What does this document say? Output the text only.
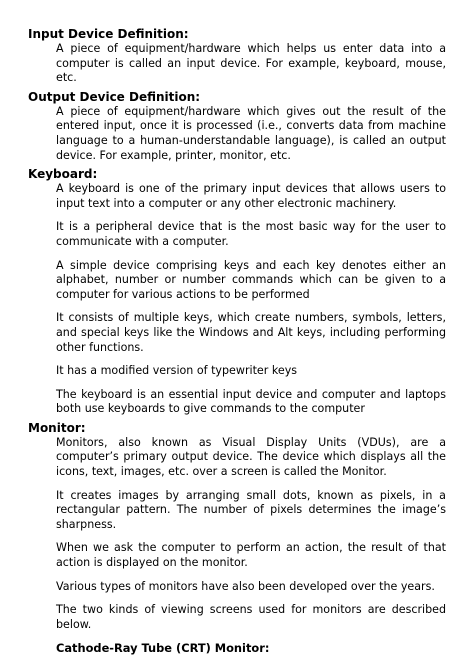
Input Device Definition:

A piece of equipment/hardware which helps us enter data into a computer is called an input device. For example, keyboard, mouse, etc.

Output Device Definition:

A piece of equipment/hardware which gives out the result of the entered input, once it is processed (i.e., converts data from machine language to a human-understandable language), is called an output device. For example, printer, monitor, etc.

Keyboard:

A keyboard is one of the primary input devices that allows users to input text into a computer or any other electronic machinery.

It is a peripheral device that is the most basic way for the user to communicate with a computer.

A simple device comprising keys and each key denotes either an alphabet, number or number commands which can be given to a computer for various actions to be performed

It consists of multiple keys, which create numbers, symbols, letters, and special keys like the Windows and Alt keys, including performing other functions.

It has a modified version of typewriter keys

The keyboard is an essential input device and computer and laptops both use keyboards to give commands to the computer

Monitor:

Monitors, also known as Visual Display Units (VDUs), are a computer’s primary output device. The device which displays all the icons, text, images, etc. over a screen is called the Monitor.

It creates images by arranging small dots, known as pixels, in a rectangular pattern. The number of pixels determines the image’s sharpness.

When we ask the computer to perform an action, the result of that action is displayed on the monitor.

Various types of monitors have also been developed over the years.

The two kinds of viewing screens used for monitors are described below.

Cathode-Ray Tube (CRT) Monitor:
